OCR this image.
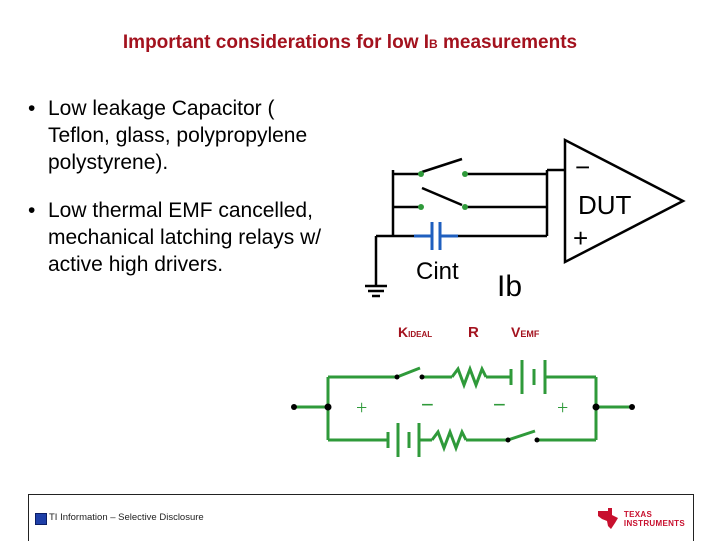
Important considerations for low IB measurements
• Low leakage Capacitor ( Teflon, glass, polypropylene polystyrene).
• Low thermal EMF cancelled, mechanical latching relays w/ active high drivers.
−
DUT
+
Cint Ib
KIDEAL R VEMF
+ −	−	+
TI Information – Selective Disclosure	TEXAS
INSTRUMENTS
